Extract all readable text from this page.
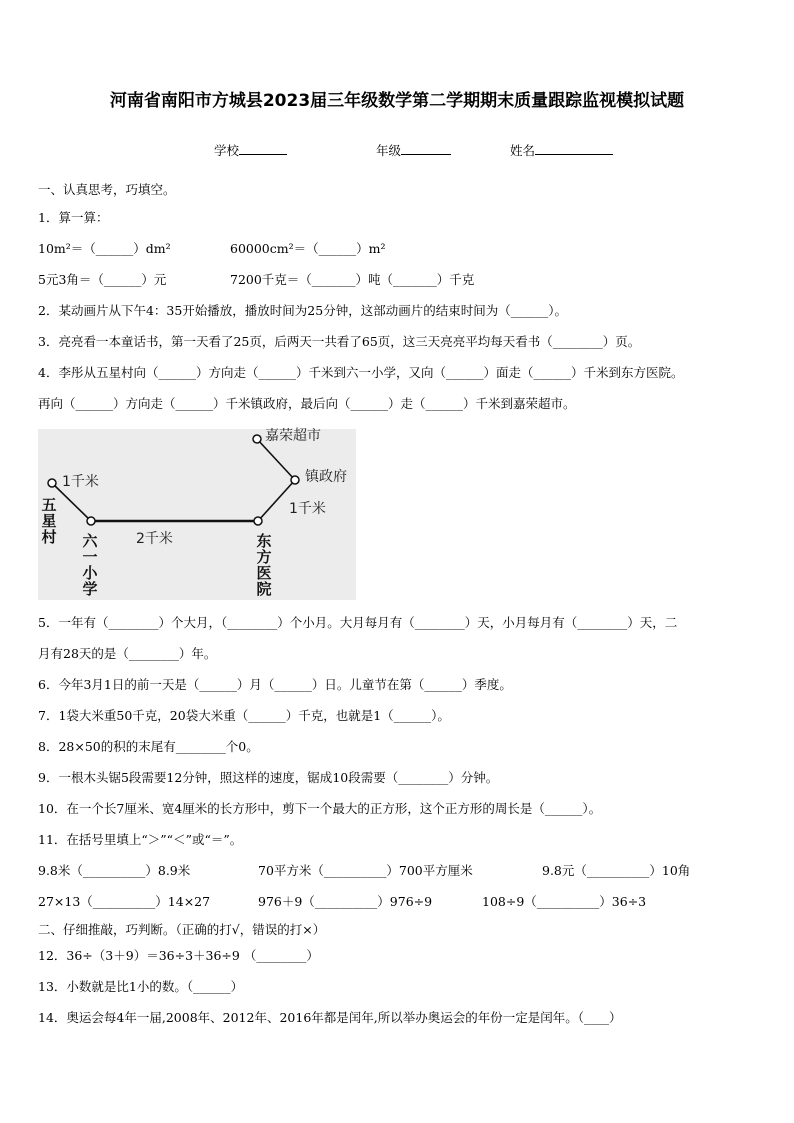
河南省南阳市方城县2023届三年级数学第二学期期末质量跟踪监视模拟试题
学校	年级	姓名
一、认真思考，巧填空。
1．算一算：
10m²＝（______）dm²	60000cm²＝（______）m²
5元3角＝（______）元	7200千克＝（_______）吨（_______）千克
2．某动画片从下午4：35开始播放，播放时间为25分钟，这部动画片的结束时间为（______）。
3．亮亮看一本童话书，第一天看了25页，后两天一共看了65页，这三天亮亮平均每天看书（________）页。
4．李彤从五星村向（______）方向走（______）千米到六一小学，又向（______）面走（______）千米到东方医院。
再向（______）方向走（______）千米镇政府，最后向（______）走（______）千米到嘉荣超市。
嘉荣超市
镇政府
1千米
1千米
2千米
五星村 六一小学
东方医院
5．一年有（________）个大月，（________）个小月。大月每月有（________）天，小月每月有（________）天，二
月有28天的是（________）年。
6．今年3月1日的前一天是（______）月（______）日。儿童节在第（______）季度。
7．1袋大米重50千克，20袋大米重（______）千克，也就是1（______）。
8．28×50的积的末尾有________个0。
9．一根木头锯5段需要12分钟，照这样的速度，锯成10段需要（________）分钟。
10．在一个长7厘米、宽4厘米的长方形中，剪下一个最大的正方形，这个正方形的周长是（______）。
11．在括号里填上“＞”“＜”或“＝”。
9.8米（__________）8.9米	70平方米（__________）700平方厘米	9.8元（__________）10角
27×13（__________）14×27	976＋9（__________）976÷9	108÷9（__________）36÷3
二、仔细推敲，巧判断。（正确的打√，错误的打×）
12．36÷（3＋9）＝36÷3＋36÷9 （________）
13．小数就是比1小的数。（______）
14．奥运会每4年一届,2008年、2012年、2016年都是闰年,所以举办奥运会的年份一定是闰年。（____）
